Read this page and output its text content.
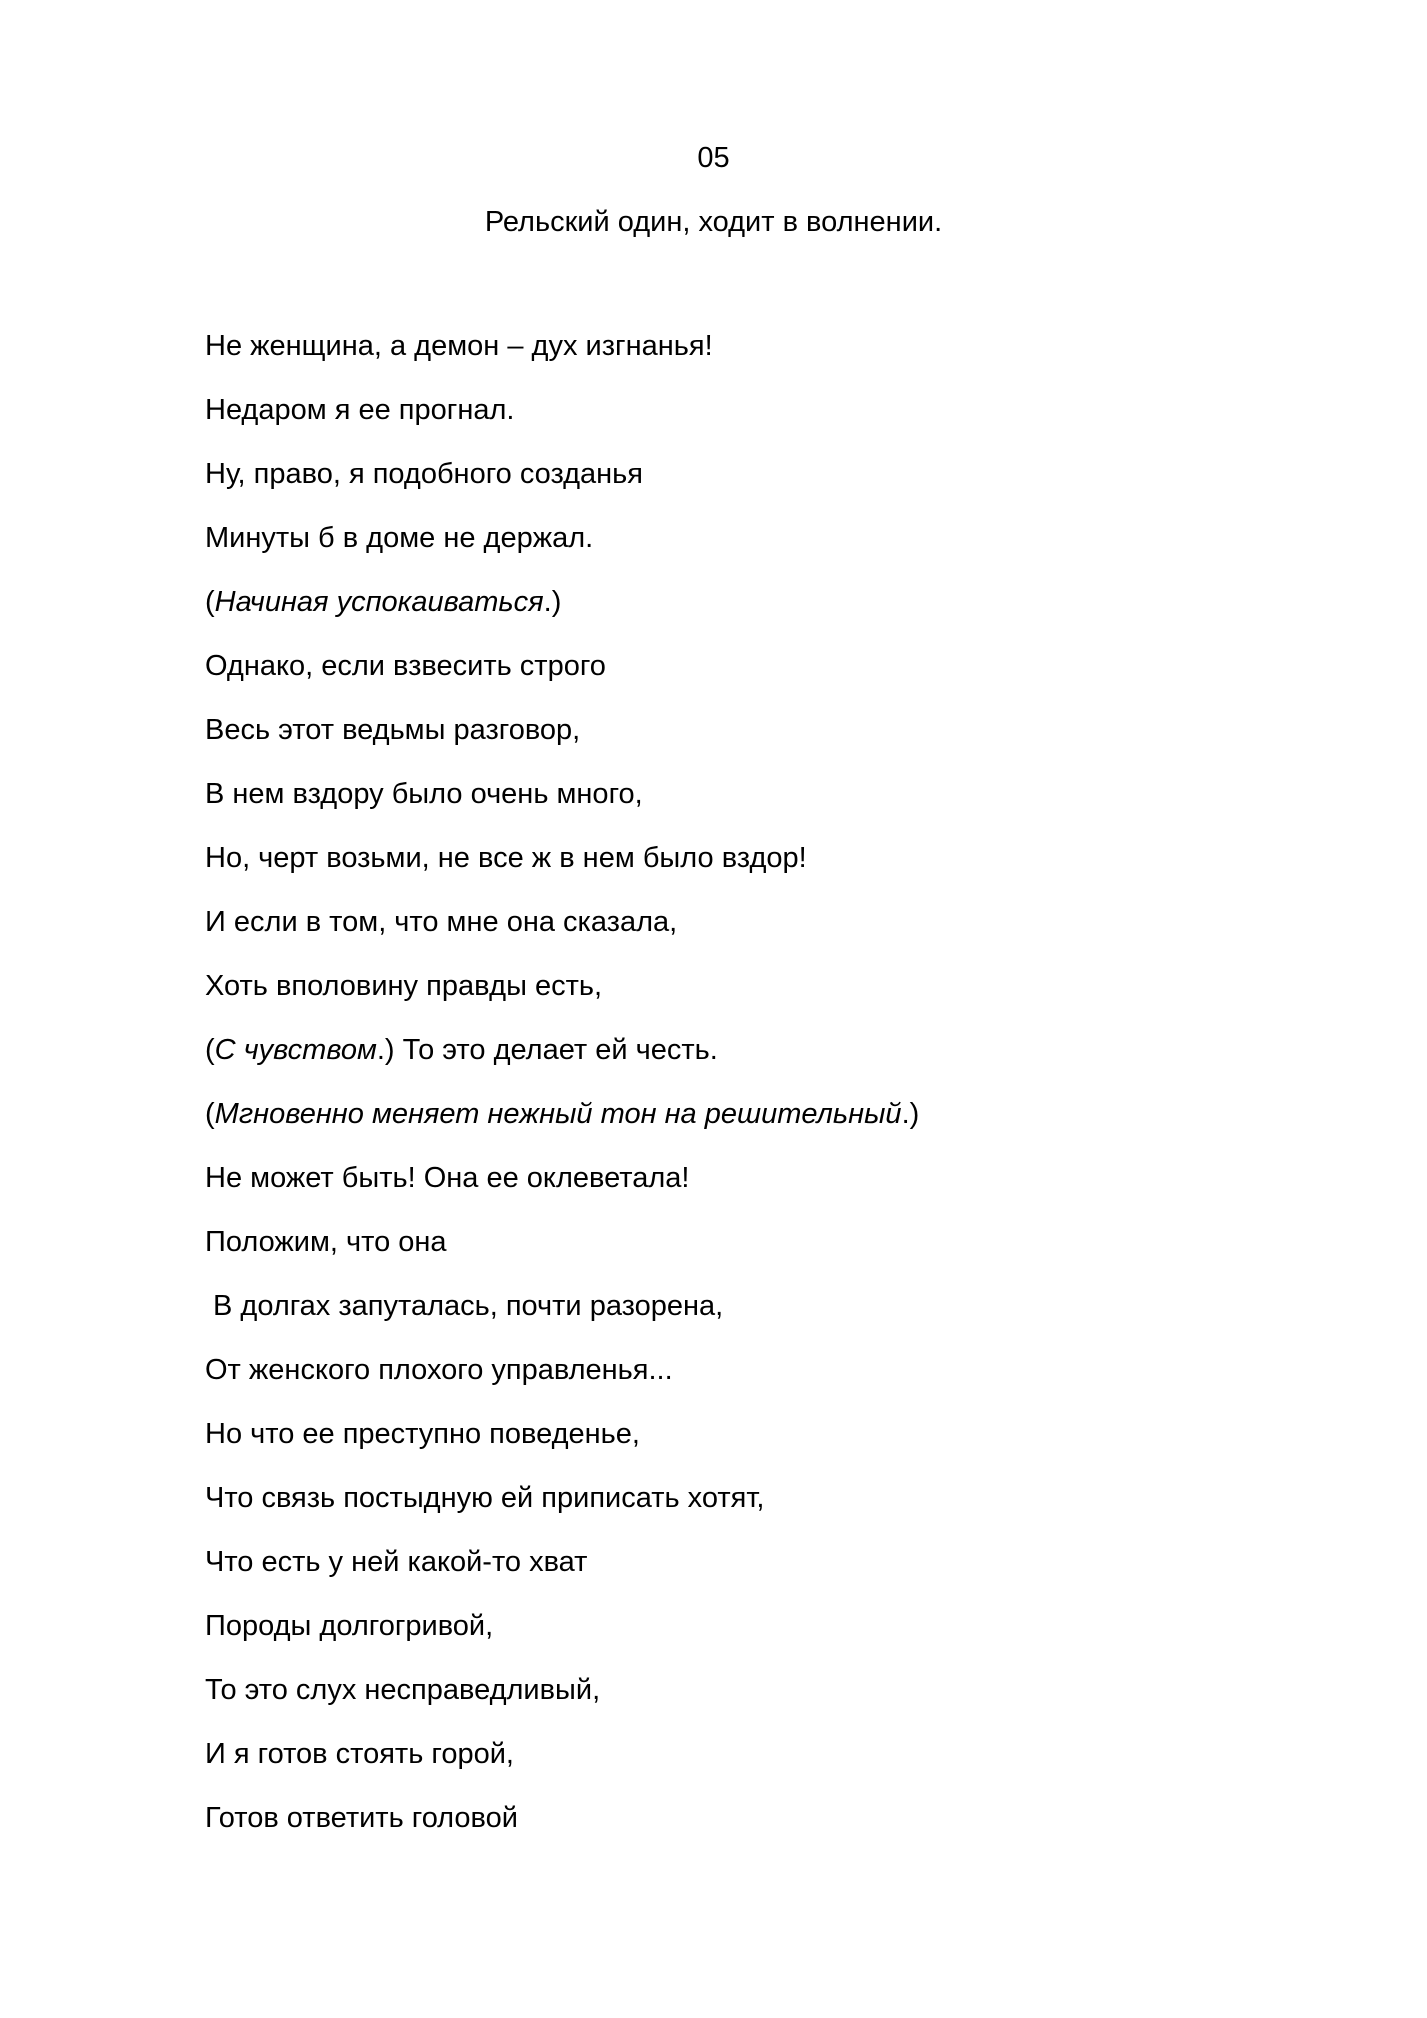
05
Рельский один, ходит в волнении.
Не женщина, а демон – дух изгнанья!
Недаром я ее прогнал.
Ну, право, я подобного созданья
Минуты б в доме не держал.
(Начиная успокаиваться.)
Однако, если взвесить строго
Весь этот ведьмы разговор,
В нем вздору было очень много,
Но, черт возьми, не все ж в нем было вздор!
И если в том, что мне она сказала,
Хоть вполовину правды есть,
(С чувством.) То это делает ей честь.
(Мгновенно меняет нежный тон на решительный.)
Не может быть! Она ее оклеветала!
Положим, что она
В долгах запуталась, почти разорена,
От женского плохого управленья...
Но что ее преступно поведенье,
Что связь постыдную ей приписать хотят,
Что есть у ней какой-то хват
Породы долгогривой,
То это слух несправедливый,
И я готов стоять горой,
Готов ответить головой
